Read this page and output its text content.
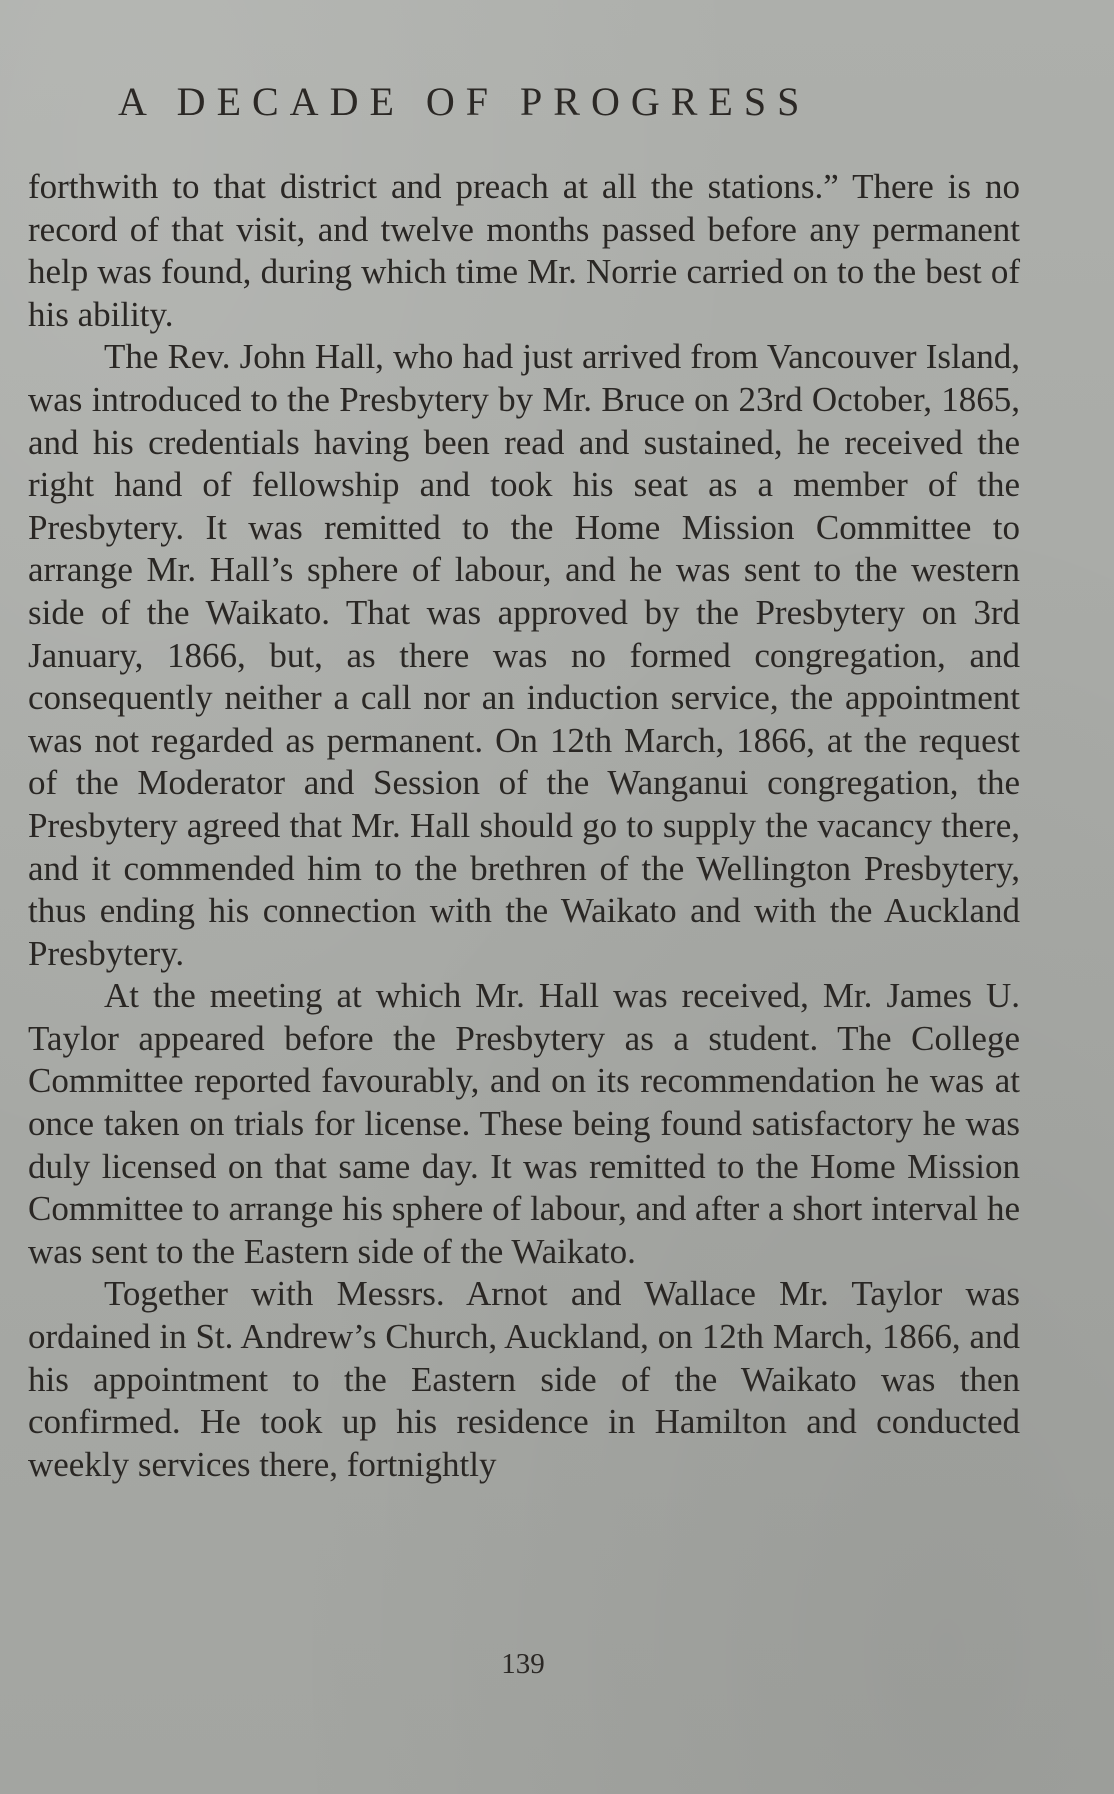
A DECADE OF PROGRESS

forthwith to that district and preach at all the stations.” There is no record of that visit, and twelve months passed before any permanent help was found, during which time Mr. Norrie carried on to the best of his ability.

The Rev. John Hall, who had just arrived from Vancouver Island, was introduced to the Presbytery by Mr. Bruce on 23rd October, 1865, and his credentials having been read and sustained, he received the right hand of fellowship and took his seat as a member of the Presbytery. It was remitted to the Home Mission Committee to arrange Mr. Hall’s sphere of labour, and he was sent to the western side of the Waikato. That was approved by the Presbytery on 3rd January, 1866, but, as there was no formed congregation, and consequently neither a call nor an induction service, the appointment was not regarded as permanent. On 12th March, 1866, at the request of the Moderator and Session of the Wanganui congregation, the Presbytery agreed that Mr. Hall should go to supply the vacancy there, and it commended him to the brethren of the Wellington Presbytery, thus ending his connection with the Waikato and with the Auckland Presbytery.

At the meeting at which Mr. Hall was received, Mr. James U. Taylor appeared before the Presbytery as a student. The College Committee reported favourably, and on its recommendation he was at once taken on trials for license. These being found satisfactory he was duly licensed on that same day. It was remitted to the Home Mission Committee to arrange his sphere of labour, and after a short interval he was sent to the Eastern side of the Waikato.

Together with Messrs. Arnot and Wallace Mr. Taylor was ordained in St. Andrew’s Church, Auckland, on 12th March, 1866, and his appointment to the Eastern side of the Waikato was then confirmed. He took up his residence in Hamilton and conducted weekly services there, fortnightly

139
